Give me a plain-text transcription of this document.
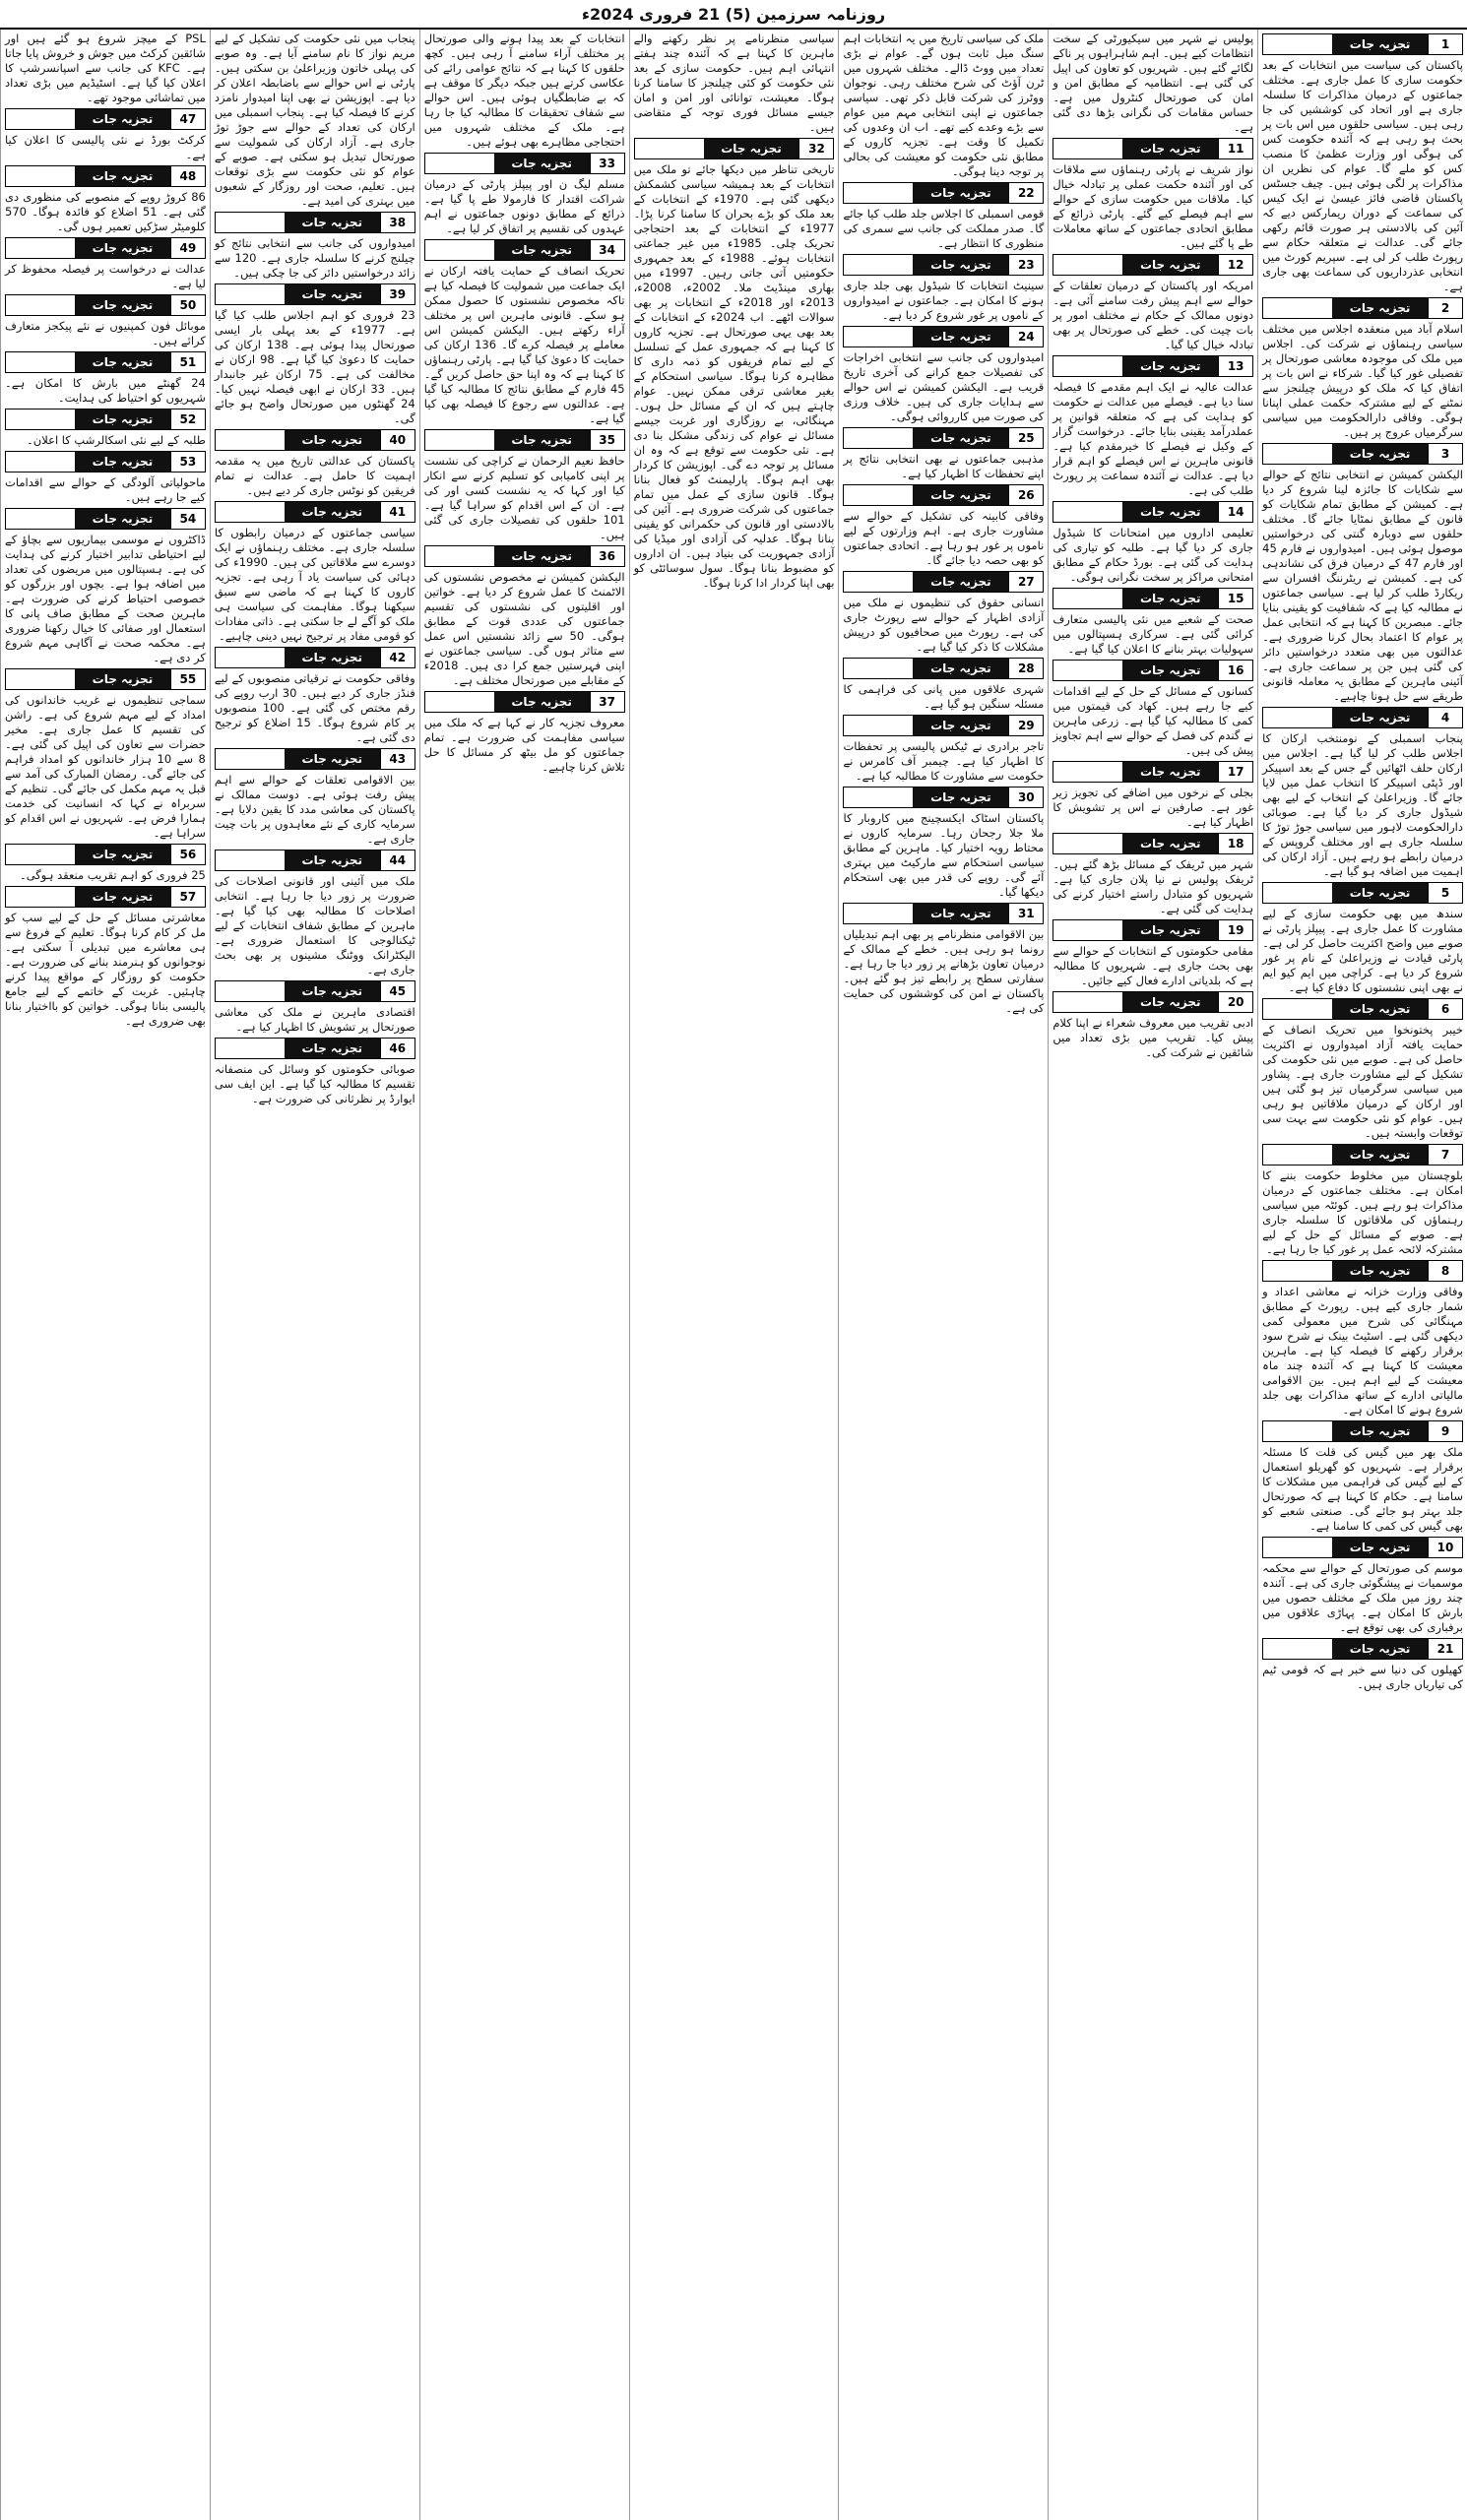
روزنامہ سرزمین (5) 21 فروری 2024ء
1
تجزیہ جات
پاکستان کی سیاست میں انتخابات کے بعد حکومت سازی کا عمل جاری ہے۔ مختلف جماعتوں کے درمیان مذاکرات کا سلسلہ جاری ہے اور اتحاد کی کوششیں کی جا رہی ہیں۔ سیاسی حلقوں میں اس بات پر بحث ہو رہی ہے کہ آئندہ حکومت کس کی ہوگی اور وزارت عظمیٰ کا منصب کس کو ملے گا۔ عوام کی نظریں ان مذاکرات پر لگی ہوئی ہیں۔ چیف جسٹس پاکستان قاضی فائز عیسیٰ نے ایک کیس کی سماعت کے دوران ریمارکس دیے کہ آئین کی بالادستی ہر صورت قائم رکھی جائے گی۔ عدالت نے متعلقہ حکام سے رپورٹ طلب کر لی ہے۔ سپریم کورٹ میں انتخابی عذرداریوں کی سماعت بھی جاری ہے۔
2
تجزیہ جات
اسلام آباد میں منعقدہ اجلاس میں مختلف سیاسی رہنماؤں نے شرکت کی۔ اجلاس میں ملک کی موجودہ معاشی صورتحال پر تفصیلی غور کیا گیا۔ شرکاء نے اس بات پر اتفاق کیا کہ ملک کو درپیش چیلنجز سے نمٹنے کے لیے مشترکہ حکمت عملی اپنانا ہوگی۔ وفاقی دارالحکومت میں سیاسی سرگرمیاں عروج پر ہیں۔
3
تجزیہ جات
الیکشن کمیشن نے انتخابی نتائج کے حوالے سے شکایات کا جائزہ لینا شروع کر دیا ہے۔ کمیشن کے مطابق تمام شکایات کو قانون کے مطابق نمٹایا جائے گا۔ مختلف حلقوں سے دوبارہ گنتی کی درخواستیں موصول ہوئی ہیں۔ امیدواروں نے فارم 45 اور فارم 47 کے درمیان فرق کی نشاندہی کی ہے۔ کمیشن نے ریٹرننگ افسران سے ریکارڈ طلب کر لیا ہے۔ سیاسی جماعتوں نے مطالبہ کیا ہے کہ شفافیت کو یقینی بنایا جائے۔ مبصرین کا کہنا ہے کہ انتخابی عمل پر عوام کا اعتماد بحال کرنا ضروری ہے۔ عدالتوں میں بھی متعدد درخواستیں دائر کی گئی ہیں جن پر سماعت جاری ہے۔ آئینی ماہرین کے مطابق یہ معاملہ قانونی طریقے سے حل ہونا چاہیے۔
4
تجزیہ جات
پنجاب اسمبلی کے نومنتخب ارکان کا اجلاس طلب کر لیا گیا ہے۔ اجلاس میں ارکان حلف اٹھائیں گے جس کے بعد اسپیکر اور ڈپٹی اسپیکر کا انتخاب عمل میں لایا جائے گا۔ وزیراعلیٰ کے انتخاب کے لیے بھی شیڈول جاری کر دیا گیا ہے۔ صوبائی دارالحکومت لاہور میں سیاسی جوڑ توڑ کا سلسلہ جاری ہے اور مختلف گروپس کے درمیان رابطے ہو رہے ہیں۔ آزاد ارکان کی اہمیت میں اضافہ ہو گیا ہے۔
5
تجزیہ جات
سندھ میں بھی حکومت سازی کے لیے مشاورت کا عمل جاری ہے۔ پیپلز پارٹی نے صوبے میں واضح اکثریت حاصل کر لی ہے۔ پارٹی قیادت نے وزیراعلیٰ کے نام پر غور شروع کر دیا ہے۔ کراچی میں ایم کیو ایم نے بھی اپنی نشستوں کا دفاع کیا ہے۔
6
تجزیہ جات
خیبر پختونخوا میں تحریک انصاف کے حمایت یافتہ آزاد امیدواروں نے اکثریت حاصل کی ہے۔ صوبے میں نئی حکومت کی تشکیل کے لیے مشاورت جاری ہے۔ پشاور میں سیاسی سرگرمیاں تیز ہو گئی ہیں اور ارکان کے درمیان ملاقاتیں ہو رہی ہیں۔ عوام کو نئی حکومت سے بہت سی توقعات وابستہ ہیں۔
7
تجزیہ جات
بلوچستان میں مخلوط حکومت بننے کا امکان ہے۔ مختلف جماعتوں کے درمیان مذاکرات ہو رہے ہیں۔ کوئٹہ میں سیاسی رہنماؤں کی ملاقاتوں کا سلسلہ جاری ہے۔ صوبے کے مسائل کے حل کے لیے مشترکہ لائحہ عمل پر غور کیا جا رہا ہے۔
8
تجزیہ جات
وفاقی وزارت خزانہ نے معاشی اعداد و شمار جاری کیے ہیں۔ رپورٹ کے مطابق مہنگائی کی شرح میں معمولی کمی دیکھی گئی ہے۔ اسٹیٹ بینک نے شرح سود برقرار رکھنے کا فیصلہ کیا ہے۔ ماہرین معیشت کا کہنا ہے کہ آئندہ چند ماہ معیشت کے لیے اہم ہیں۔ بین الاقوامی مالیاتی ادارے کے ساتھ مذاکرات بھی جلد شروع ہونے کا امکان ہے۔
9
تجزیہ جات
ملک بھر میں گیس کی قلت کا مسئلہ برقرار ہے۔ شہریوں کو گھریلو استعمال کے لیے گیس کی فراہمی میں مشکلات کا سامنا ہے۔ حکام کا کہنا ہے کہ صورتحال جلد بہتر ہو جائے گی۔ صنعتی شعبے کو بھی گیس کی کمی کا سامنا ہے۔
10
تجزیہ جات
موسم کی صورتحال کے حوالے سے محکمہ موسمیات نے پیشگوئی جاری کی ہے۔ آئندہ چند روز میں ملک کے مختلف حصوں میں بارش کا امکان ہے۔ پہاڑی علاقوں میں برفباری کی بھی توقع ہے۔
21
تجزیہ جات
کھیلوں کی دنیا سے خبر ہے کہ قومی ٹیم کی تیاریاں جاری ہیں۔
پولیس نے شہر میں سیکیورٹی کے سخت انتظامات کیے ہیں۔ اہم شاہراہوں پر ناکے لگائے گئے ہیں۔ شہریوں کو تعاون کی اپیل کی گئی ہے۔ انتظامیہ کے مطابق امن و امان کی صورتحال کنٹرول میں ہے۔ حساس مقامات کی نگرانی بڑھا دی گئی ہے۔
11
تجزیہ جات
نواز شریف نے پارٹی رہنماؤں سے ملاقات کی اور آئندہ حکمت عملی پر تبادلہ خیال کیا۔ ملاقات میں حکومت سازی کے حوالے سے اہم فیصلے کیے گئے۔ پارٹی ذرائع کے مطابق اتحادی جماعتوں کے ساتھ معاملات طے پا گئے ہیں۔
12
تجزیہ جات
امریکہ اور پاکستان کے درمیان تعلقات کے حوالے سے اہم پیش رفت سامنے آئی ہے۔ دونوں ممالک کے حکام نے مختلف امور پر بات چیت کی۔ خطے کی صورتحال پر بھی تبادلہ خیال کیا گیا۔
13
تجزیہ جات
عدالت عالیہ نے ایک اہم مقدمے کا فیصلہ سنا دیا ہے۔ فیصلے میں عدالت نے حکومت کو ہدایت کی ہے کہ متعلقہ قوانین پر عملدرآمد یقینی بنایا جائے۔ درخواست گزار کے وکیل نے فیصلے کا خیرمقدم کیا ہے۔ قانونی ماہرین نے اس فیصلے کو اہم قرار دیا ہے۔ عدالت نے آئندہ سماعت پر رپورٹ طلب کی ہے۔
14
تجزیہ جات
تعلیمی اداروں میں امتحانات کا شیڈول جاری کر دیا گیا ہے۔ طلبہ کو تیاری کی ہدایت کی گئی ہے۔ بورڈ حکام کے مطابق امتحانی مراکز پر سخت نگرانی ہوگی۔
15
تجزیہ جات
صحت کے شعبے میں نئی پالیسی متعارف کرائی گئی ہے۔ سرکاری ہسپتالوں میں سہولیات بہتر بنانے کا اعلان کیا گیا ہے۔
16
تجزیہ جات
کسانوں کے مسائل کے حل کے لیے اقدامات کیے جا رہے ہیں۔ کھاد کی قیمتوں میں کمی کا مطالبہ کیا گیا ہے۔ زرعی ماہرین نے گندم کی فصل کے حوالے سے اہم تجاویز پیش کی ہیں۔
17
تجزیہ جات
بجلی کے نرخوں میں اضافے کی تجویز زیر غور ہے۔ صارفین نے اس پر تشویش کا اظہار کیا ہے۔
18
تجزیہ جات
شہر میں ٹریفک کے مسائل بڑھ گئے ہیں۔ ٹریفک پولیس نے نیا پلان جاری کیا ہے۔ شہریوں کو متبادل راستے اختیار کرنے کی ہدایت کی گئی ہے۔
19
تجزیہ جات
مقامی حکومتوں کے انتخابات کے حوالے سے بھی بحث جاری ہے۔ شہریوں کا مطالبہ ہے کہ بلدیاتی ادارے فعال کیے جائیں۔
20
تجزیہ جات
ادبی تقریب میں معروف شعراء نے اپنا کلام پیش کیا۔ تقریب میں بڑی تعداد میں شائقین نے شرکت کی۔
ملک کی سیاسی تاریخ میں یہ انتخابات اہم سنگ میل ثابت ہوں گے۔ عوام نے بڑی تعداد میں ووٹ ڈالے۔ مختلف شہروں میں ٹرن آؤٹ کی شرح مختلف رہی۔ نوجوان ووٹرز کی شرکت قابل ذکر تھی۔ سیاسی جماعتوں نے اپنی انتخابی مہم میں عوام سے بڑے وعدے کیے تھے۔ اب ان وعدوں کی تکمیل کا وقت ہے۔ تجزیہ کاروں کے مطابق نئی حکومت کو معیشت کی بحالی پر توجہ دینا ہوگی۔
22
تجزیہ جات
قومی اسمبلی کا اجلاس جلد طلب کیا جائے گا۔ صدر مملکت کی جانب سے سمری کی منظوری کا انتظار ہے۔
23
تجزیہ جات
سینیٹ انتخابات کا شیڈول بھی جلد جاری ہونے کا امکان ہے۔ جماعتوں نے امیدواروں کے ناموں پر غور شروع کر دیا ہے۔
24
تجزیہ جات
امیدواروں کی جانب سے انتخابی اخراجات کی تفصیلات جمع کرانے کی آخری تاریخ قریب ہے۔ الیکشن کمیشن نے اس حوالے سے ہدایات جاری کی ہیں۔ خلاف ورزی کی صورت میں کارروائی ہوگی۔
25
تجزیہ جات
مذہبی جماعتوں نے بھی انتخابی نتائج پر اپنے تحفظات کا اظہار کیا ہے۔
26
تجزیہ جات
وفاقی کابینہ کی تشکیل کے حوالے سے مشاورت جاری ہے۔ اہم وزارتوں کے لیے ناموں پر غور ہو رہا ہے۔ اتحادی جماعتوں کو بھی حصہ دیا جائے گا۔
27
تجزیہ جات
انسانی حقوق کی تنظیموں نے ملک میں آزادی اظہار کے حوالے سے رپورٹ جاری کی ہے۔ رپورٹ میں صحافیوں کو درپیش مشکلات کا ذکر کیا گیا ہے۔
28
تجزیہ جات
شہری علاقوں میں پانی کی فراہمی کا مسئلہ سنگین ہو گیا ہے۔
29
تجزیہ جات
تاجر برادری نے ٹیکس پالیسی پر تحفظات کا اظہار کیا ہے۔ چیمبر آف کامرس نے حکومت سے مشاورت کا مطالبہ کیا ہے۔
30
تجزیہ جات
پاکستان اسٹاک ایکسچینج میں کاروبار کا ملا جلا رجحان رہا۔ سرمایہ کاروں نے محتاط رویہ اختیار کیا۔ ماہرین کے مطابق سیاسی استحکام سے مارکیٹ میں بہتری آئے گی۔ روپے کی قدر میں بھی استحکام دیکھا گیا۔
31
تجزیہ جات
بین الاقوامی منظرنامے پر بھی اہم تبدیلیاں رونما ہو رہی ہیں۔ خطے کے ممالک کے درمیان تعاون بڑھانے پر زور دیا جا رہا ہے۔ سفارتی سطح پر رابطے تیز ہو گئے ہیں۔ پاکستان نے امن کی کوششوں کی حمایت کی ہے۔
سیاسی منظرنامے پر نظر رکھنے والے ماہرین کا کہنا ہے کہ آئندہ چند ہفتے انتہائی اہم ہیں۔ حکومت سازی کے بعد نئی حکومت کو کئی چیلنجز کا سامنا کرنا ہوگا۔ معیشت، توانائی اور امن و امان جیسے مسائل فوری توجہ کے متقاضی ہیں۔
32
تجزیہ جات
تاریخی تناظر میں دیکھا جائے تو ملک میں انتخابات کے بعد ہمیشہ سیاسی کشمکش دیکھی گئی ہے۔ 1970ء کے انتخابات کے بعد ملک کو بڑے بحران کا سامنا کرنا پڑا۔ 1977ء کے انتخابات کے بعد احتجاجی تحریک چلی۔ 1985ء میں غیر جماعتی انتخابات ہوئے۔ 1988ء کے بعد جمہوری حکومتیں آتی جاتی رہیں۔ 1997ء میں بھاری مینڈیٹ ملا۔ 2002ء، 2008ء، 2013ء اور 2018ء کے انتخابات پر بھی سوالات اٹھے۔ اب 2024ء کے انتخابات کے بعد بھی یہی صورتحال ہے۔ تجزیہ کاروں کا کہنا ہے کہ جمہوری عمل کے تسلسل کے لیے تمام فریقوں کو ذمہ داری کا مظاہرہ کرنا ہوگا۔ سیاسی استحکام کے بغیر معاشی ترقی ممکن نہیں۔ عوام چاہتے ہیں کہ ان کے مسائل حل ہوں۔ مہنگائی، بے روزگاری اور غربت جیسے مسائل نے عوام کی زندگی مشکل بنا دی ہے۔ نئی حکومت سے توقع ہے کہ وہ ان مسائل پر توجہ دے گی۔ اپوزیشن کا کردار بھی اہم ہوگا۔ پارلیمنٹ کو فعال بنانا ہوگا۔ قانون سازی کے عمل میں تمام جماعتوں کی شرکت ضروری ہے۔ آئین کی بالادستی اور قانون کی حکمرانی کو یقینی بنانا ہوگا۔ عدلیہ کی آزادی اور میڈیا کی آزادی جمہوریت کی بنیاد ہیں۔ ان اداروں کو مضبوط بنانا ہوگا۔ سول سوسائٹی کو بھی اپنا کردار ادا کرنا ہوگا۔
انتخابات کے بعد پیدا ہونے والی صورتحال پر مختلف آراء سامنے آ رہی ہیں۔ کچھ حلقوں کا کہنا ہے کہ نتائج عوامی رائے کی عکاسی کرتے ہیں جبکہ دیگر کا موقف ہے کہ بے ضابطگیاں ہوئی ہیں۔ اس حوالے سے شفاف تحقیقات کا مطالبہ کیا جا رہا ہے۔ ملک کے مختلف شہروں میں احتجاجی مظاہرے بھی ہوئے ہیں۔
33
تجزیہ جات
مسلم لیگ ن اور پیپلز پارٹی کے درمیان شراکت اقتدار کا فارمولا طے پا گیا ہے۔ ذرائع کے مطابق دونوں جماعتوں نے اہم عہدوں کی تقسیم پر اتفاق کر لیا ہے۔
34
تجزیہ جات
تحریک انصاف کے حمایت یافتہ ارکان نے ایک جماعت میں شمولیت کا فیصلہ کیا ہے تاکہ مخصوص نشستوں کا حصول ممکن ہو سکے۔ قانونی ماہرین اس پر مختلف آراء رکھتے ہیں۔ الیکشن کمیشن اس معاملے پر فیصلہ کرے گا۔ 136 ارکان کی حمایت کا دعویٰ کیا گیا ہے۔ پارٹی رہنماؤں کا کہنا ہے کہ وہ اپنا حق حاصل کریں گے۔ 45 فارم کے مطابق نتائج کا مطالبہ کیا گیا ہے۔ عدالتوں سے رجوع کا فیصلہ بھی کیا گیا ہے۔
35
تجزیہ جات
حافظ نعیم الرحمان نے کراچی کی نشست پر اپنی کامیابی کو تسلیم کرنے سے انکار کیا اور کہا کہ یہ نشست کسی اور کی ہے۔ ان کے اس اقدام کو سراہا گیا ہے۔ 101 حلقوں کی تفصیلات جاری کی گئی ہیں۔
36
تجزیہ جات
الیکشن کمیشن نے مخصوص نشستوں کی الاٹمنٹ کا عمل شروع کر دیا ہے۔ خواتین اور اقلیتوں کی نشستوں کی تقسیم جماعتوں کی عددی قوت کے مطابق ہوگی۔ 50 سے زائد نشستیں اس عمل سے متاثر ہوں گی۔ سیاسی جماعتوں نے اپنی فہرستیں جمع کرا دی ہیں۔ 2018ء کے مقابلے میں صورتحال مختلف ہے۔
37
تجزیہ جات
معروف تجزیہ کار نے کہا ہے کہ ملک میں سیاسی مفاہمت کی ضرورت ہے۔ تمام جماعتوں کو مل بیٹھ کر مسائل کا حل تلاش کرنا چاہیے۔
پنجاب میں نئی حکومت کی تشکیل کے لیے مریم نواز کا نام سامنے آیا ہے۔ وہ صوبے کی پہلی خاتون وزیراعلیٰ بن سکتی ہیں۔ پارٹی نے اس حوالے سے باضابطہ اعلان کر دیا ہے۔ اپوزیشن نے بھی اپنا امیدوار نامزد کرنے کا فیصلہ کیا ہے۔ پنجاب اسمبلی میں ارکان کی تعداد کے حوالے سے جوڑ توڑ جاری ہے۔ آزاد ارکان کی شمولیت سے صورتحال تبدیل ہو سکتی ہے۔ صوبے کے عوام کو نئی حکومت سے بڑی توقعات ہیں۔ تعلیم، صحت اور روزگار کے شعبوں میں بہتری کی امید ہے۔
38
تجزیہ جات
امیدواروں کی جانب سے انتخابی نتائج کو چیلنج کرنے کا سلسلہ جاری ہے۔ 120 سے زائد درخواستیں دائر کی جا چکی ہیں۔
39
تجزیہ جات
23 فروری کو اہم اجلاس طلب کیا گیا ہے۔ 1977ء کے بعد پہلی بار ایسی صورتحال پیدا ہوئی ہے۔ 138 ارکان کی حمایت کا دعویٰ کیا گیا ہے۔ 98 ارکان نے مخالفت کی ہے۔ 75 ارکان غیر جانبدار ہیں۔ 33 ارکان نے ابھی فیصلہ نہیں کیا۔ 24 گھنٹوں میں صورتحال واضح ہو جائے گی۔
40
تجزیہ جات
پاکستان کی عدالتی تاریخ میں یہ مقدمہ اہمیت کا حامل ہے۔ عدالت نے تمام فریقین کو نوٹس جاری کر دیے ہیں۔
41
تجزیہ جات
سیاسی جماعتوں کے درمیان رابطوں کا سلسلہ جاری ہے۔ مختلف رہنماؤں نے ایک دوسرے سے ملاقاتیں کی ہیں۔ 1990ء کی دہائی کی سیاست یاد آ رہی ہے۔ تجزیہ کاروں کا کہنا ہے کہ ماضی سے سبق سیکھنا ہوگا۔ مفاہمت کی سیاست ہی ملک کو آگے لے جا سکتی ہے۔ ذاتی مفادات کو قومی مفاد پر ترجیح نہیں دینی چاہیے۔
42
تجزیہ جات
وفاقی حکومت نے ترقیاتی منصوبوں کے لیے فنڈز جاری کر دیے ہیں۔ 30 ارب روپے کی رقم مختص کی گئی ہے۔ 100 منصوبوں پر کام شروع ہوگا۔ 15 اضلاع کو ترجیح دی گئی ہے۔
43
تجزیہ جات
بین الاقوامی تعلقات کے حوالے سے اہم پیش رفت ہوئی ہے۔ دوست ممالک نے پاکستان کی معاشی مدد کا یقین دلایا ہے۔ سرمایہ کاری کے نئے معاہدوں پر بات چیت جاری ہے۔
44
تجزیہ جات
ملک میں آئینی اور قانونی اصلاحات کی ضرورت پر زور دیا جا رہا ہے۔ انتخابی اصلاحات کا مطالبہ بھی کیا گیا ہے۔ ماہرین کے مطابق شفاف انتخابات کے لیے ٹیکنالوجی کا استعمال ضروری ہے۔ الیکٹرانک ووٹنگ مشینوں پر بھی بحث جاری ہے۔
45
تجزیہ جات
اقتصادی ماہرین نے ملک کی معاشی صورتحال پر تشویش کا اظہار کیا ہے۔
46
تجزیہ جات
صوبائی حکومتوں کو وسائل کی منصفانہ تقسیم کا مطالبہ کیا گیا ہے۔ این ایف سی ایوارڈ پر نظرثانی کی ضرورت ہے۔
PSL کے میچز شروع ہو گئے ہیں اور شائقین کرکٹ میں جوش و خروش پایا جاتا ہے۔ KFC کی جانب سے اسپانسرشپ کا اعلان کیا گیا ہے۔ اسٹیڈیم میں بڑی تعداد میں تماشائی موجود تھے۔
47
تجزیہ جات
کرکٹ بورڈ نے نئی پالیسی کا اعلان کیا ہے۔
48
تجزیہ جات
86 کروڑ روپے کے منصوبے کی منظوری دی گئی ہے۔ 51 اضلاع کو فائدہ ہوگا۔ 570 کلومیٹر سڑکیں تعمیر ہوں گی۔
49
تجزیہ جات
عدالت نے درخواست پر فیصلہ محفوظ کر لیا ہے۔
50
تجزیہ جات
موبائل فون کمپنیوں نے نئے پیکجز متعارف کرائے ہیں۔
51
تجزیہ جات
24 گھنٹے میں بارش کا امکان ہے۔ شہریوں کو احتیاط کی ہدایت۔
52
تجزیہ جات
طلبہ کے لیے نئی اسکالرشپ کا اعلان۔
53
تجزیہ جات
ماحولیاتی آلودگی کے حوالے سے اقدامات کیے جا رہے ہیں۔
54
تجزیہ جات
ڈاکٹروں نے موسمی بیماریوں سے بچاؤ کے لیے احتیاطی تدابیر اختیار کرنے کی ہدایت کی ہے۔ ہسپتالوں میں مریضوں کی تعداد میں اضافہ ہوا ہے۔ بچوں اور بزرگوں کو خصوصی احتیاط کرنے کی ضرورت ہے۔ ماہرین صحت کے مطابق صاف پانی کا استعمال اور صفائی کا خیال رکھنا ضروری ہے۔ محکمہ صحت نے آگاہی مہم شروع کر دی ہے۔
55
تجزیہ جات
سماجی تنظیموں نے غریب خاندانوں کی امداد کے لیے مہم شروع کی ہے۔ راشن کی تقسیم کا عمل جاری ہے۔ مخیر حضرات سے تعاون کی اپیل کی گئی ہے۔ 8 سے 10 ہزار خاندانوں کو امداد فراہم کی جائے گی۔ رمضان المبارک کی آمد سے قبل یہ مہم مکمل کی جائے گی۔ تنظیم کے سربراہ نے کہا کہ انسانیت کی خدمت ہمارا فرض ہے۔ شہریوں نے اس اقدام کو سراہا ہے۔
56
تجزیہ جات
25 فروری کو اہم تقریب منعقد ہوگی۔
57
تجزیہ جات
معاشرتی مسائل کے حل کے لیے سب کو مل کر کام کرنا ہوگا۔ تعلیم کے فروغ سے ہی معاشرے میں تبدیلی آ سکتی ہے۔ نوجوانوں کو ہنرمند بنانے کی ضرورت ہے۔ حکومت کو روزگار کے مواقع پیدا کرنے چاہئیں۔ غربت کے خاتمے کے لیے جامع پالیسی بنانا ہوگی۔ خواتین کو بااختیار بنانا بھی ضروری ہے۔
